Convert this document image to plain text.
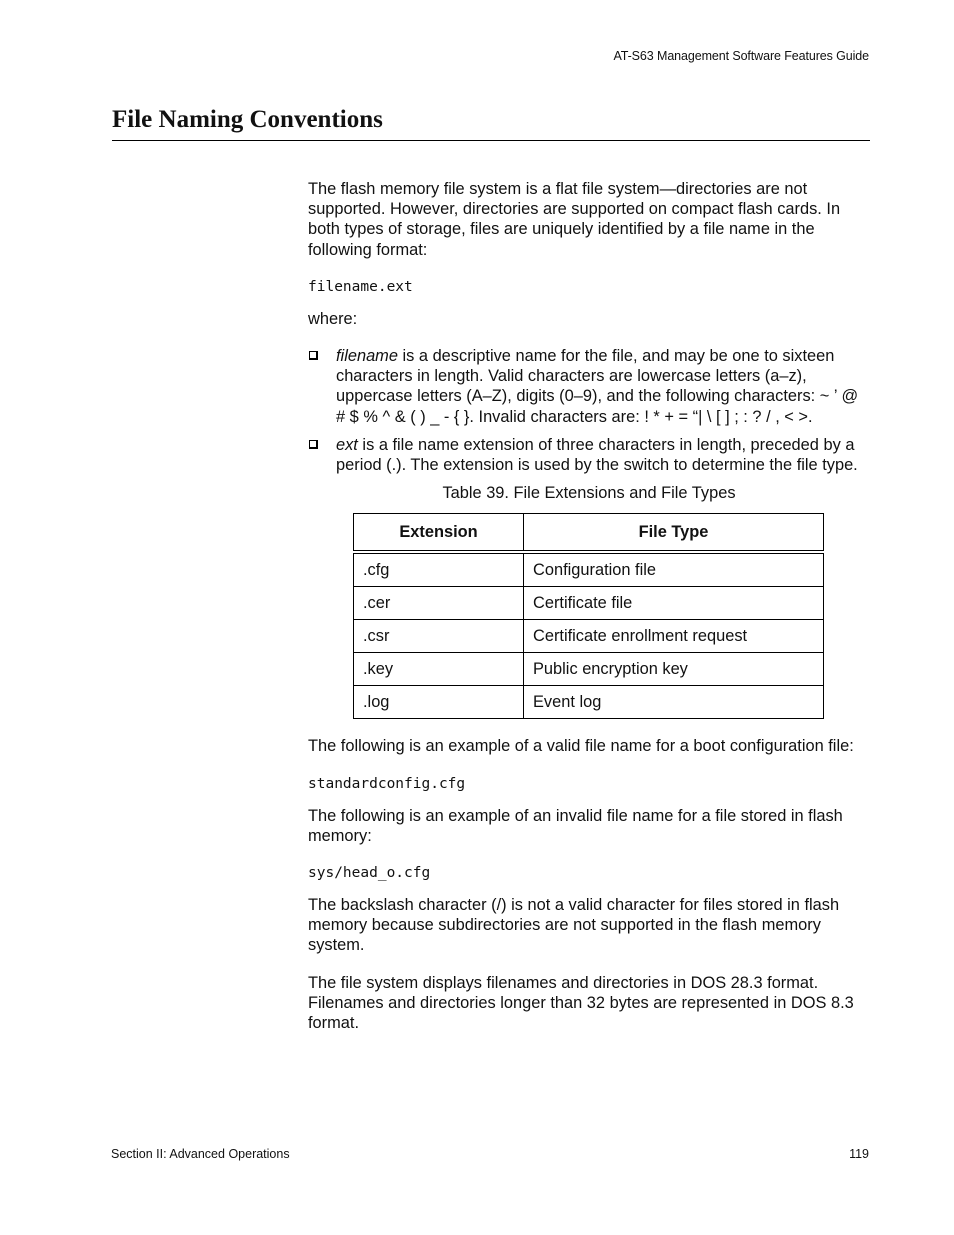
AT-S63 Management Software Features Guide
File Naming Conventions

The flash memory file system is a flat file system—directories are not supported. However, directories are supported on compact flash cards. In both types of storage, files are uniquely identified by a file name in the following format:

filename.ext

where:

filename is a descriptive name for the file, and may be one to sixteen characters in length. Valid characters are lowercase letters (a–z), uppercase letters (A–Z), digits (0–9), and the following characters: ~ ’ @ # $ % ^ & ( ) _ - { }. Invalid characters are: ! * + = “| \ [ ] ; : ? / , < >.
ext is a file name extension of three characters in length, preceded by a period (.). The extension is used by the switch to determine the file type.

Table 39. File Extensions and File Types

Extension	File Type
.cfg	Configuration file
.cer	Certificate file
.csr	Certificate enrollment request
.key	Public encryption key
.log	Event log

The following is an example of a valid file name for a boot configuration file:

standardconfig.cfg

The following is an example of an invalid file name for a file stored in flash memory:

sys/head_o.cfg

The backslash character (/) is not a valid character for files stored in flash memory because subdirectories are not supported in the flash memory system.

The file system displays filenames and directories in DOS 28.3 format. Filenames and directories longer than 32 bytes are represented in DOS 8.3 format.

Section II: Advanced Operations	119
